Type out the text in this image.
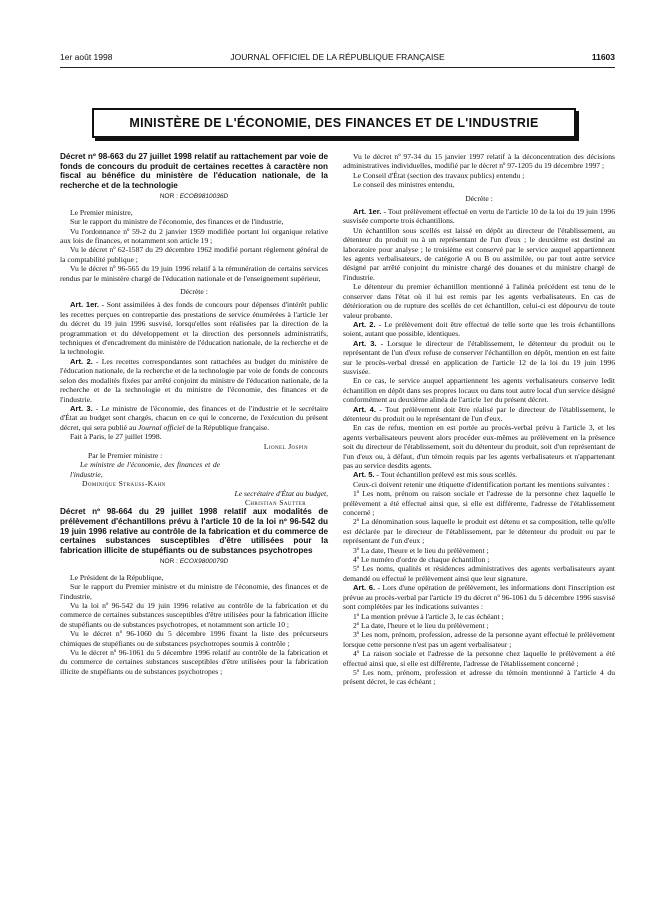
1er août 1998	JOURNAL OFFICIEL DE LA RÉPUBLIQUE FRANÇAISE	11603
MINISTÈRE DE L'ÉCONOMIE, DES FINANCES ET DE L'INDUSTRIE

Décret nº 98-663 du 27 juillet 1998 relatif au rattachement par voie de fonds de concours du produit de certaines recettes à caractère non fiscal au bénéfice du ministère de l'éducation nationale, de la recherche et de la technologie

NOR : ECOB9810036D

Le Premier ministre,

Sur le rapport du ministre de l'économie, des finances et de l'industrie,

Vu l'ordonnance nº 59-2 du 2 janvier 1959 modifiée portant loi organique relative aux lois de finances, et notamment son article 19 ;

Vu le décret nº 62-1587 du 29 décembre 1962 modifié portant règlement général de la comptabilité publique ;

Vu le décret nº 96-565 du 19 juin 1996 relatif à la rémunération de certains services rendus par le ministère chargé de l'éducation nationale et de l'enseignement supérieur,

Décrète :

Art. 1er. - Sont assimilées à des fonds de concours pour dépenses d'intérêt public les recettes perçues en contrepartie des prestations de service énumérées à l'article 1er du décret du 19 juin 1996 susvisé, lorsqu'elles sont réalisées par la direction de la programmation et du développement et la direction des personnels administratifs, techniques et d'encadrement du ministère de l'éducation nationale, de la recherche et de la technologie.

Art. 2. - Les recettes correspondantes sont rattachées au budget du ministère de l'éducation nationale, de la recherche et de la technologie par voie de fonds de concours selon des modalités fixées par arrêté conjoint du ministre de l'éducation nationale, de la recherche et de la technologie et du ministre de l'économie, des finances et de l'industrie.

Art. 3. - Le ministre de l'économie, des finances et de l'industrie et le secrétaire d'État au budget sont chargés, chacun en ce qui le concerne, de l'exécution du présent décret, qui sera publié au Journal officiel de la République française.

Fait à Paris, le 27 juillet 1998.

Lionel Jospin

Par le Premier ministre :

Le ministre de l'économie, des finances et de l'industrie,

Dominique Strauss-Kahn

Le secrétaire d'État au budget,

Christian Sautter

Décret nº 98-664 du 29 juillet 1998 relatif aux modalités de prélèvement d'échantillons prévu à l'article 10 de la loi nº 96-542 du 19 juin 1996 relative au contrôle de la fabrication et du commerce de certaines substances susceptibles d'être utilisées pour la fabrication illicite de stupéfiants ou de substances psychotropes

NOR : ECOX9800079D

Le Président de la République,

Sur le rapport du Premier ministre et du ministre de l'économie, des finances et de l'industrie,

Vu la loi nº 96-542 du 19 juin 1996 relative au contrôle de la fabrication et du commerce de certaines substances susceptibles d'être utilisées pour la fabrication illicite de stupéfiants ou de substances psychotropes, et notamment son article 10 ;

Vu le décret nº 96-1060 du 5 décembre 1996 fixant la liste des précurseurs chimiques de stupéfiants ou de substances psychotropes soumis à contrôle ;

Vu le décret nº 96-1061 du 5 décembre 1996 relatif au contrôle de la fabrication et du commerce de certaines substances susceptibles d'être utilisées pour la fabrication illicite de stupéfiants ou de substances psychotropes ;

Vu le décret nº 97-34 du 15 janvier 1997 relatif à la déconcentration des décisions administratives individuelles, modifié par le décret nº 97-1205 du 19 décembre 1997 ;

Le Conseil d'État (section des travaux publics) entendu ;

Le conseil des ministres entendu,

Décrète :

Art. 1er. - Tout prélèvement effectué en vertu de l'article 10 de la loi du 19 juin 1996 susvisée comporte trois échantillons.

Un échantillon sous scellés est laissé en dépôt au directeur de l'établissement, au détenteur du produit ou à un représentant de l'un d'eux ; le deuxième est destiné au laboratoire pour analyse ; le troisième est conservé par le service auquel appartiennent les agents verbalisateurs, de catégorie A ou B ou assimilée, ou par tout autre service désigné par arrêté conjoint du ministre chargé des douanes et du ministre chargé de l'industrie.

Le détenteur du premier échantillon mentionné à l'alinéa précédent est tenu de le conserver dans l'état où il lui est remis par les agents verbalisateurs. En cas de détérioration ou de rupture des scellés de cet échantillon, celui-ci est dépourvu de toute valeur probante.

Art. 2. - Le prélèvement doit être effectué de telle sorte que les trois échantillons soient, autant que possible, identiques.

Art. 3. - Lorsque le directeur de l'établissement, le détenteur du produit ou le représentant de l'un d'eux refuse de conserver l'échantillon en dépôt, mention en est faite sur le procès-verbal dressé en application de l'article 12 de la loi du 19 juin 1996 susvisée.

En ce cas, le service auquel appartiennent les agents verbalisateurs conserve ledit échantillon en dépôt dans ses propres locaux ou dans tout autre local d'un service désigné conformément au deuxième alinéa de l'article 1er du présent décret.

Art. 4. - Tout prélèvement doit être réalisé par le directeur de l'établissement, le détenteur du produit ou le représentant de l'un d'eux.

En cas de refus, mention en est portée au procès-verbal prévu à l'article 3, et les agents verbalisateurs peuvent alors procéder eux-mêmes au prélèvement en la présence soit du directeur de l'établissement, soit du détenteur du produit, soit d'un représentant de l'un d'eux ou, à défaut, d'un témoin requis par les agents verbalisateurs et n'appartenant pas au service desdits agents.

Art. 5. - Tout échantillon prélevé est mis sous scellés.

Ceux-ci doivent retenir une étiquette d'identification portant les mentions suivantes :

1º Les nom, prénom ou raison sociale et l'adresse de la personne chez laquelle le prélèvement a été effectué ainsi que, si elle est différente, l'adresse de l'établissement concerné ;

2º La dénomination sous laquelle le produit est détenu et sa composition, telle qu'elle est déclarée par le directeur de l'établissement, par le détenteur du produit ou par le représentant de l'un d'eux ;

3º La date, l'heure et le lieu du prélèvement ;

4º Le numéro d'ordre de chaque échantillon ;

5º Les noms, qualités et résidences administratives des agents verbalisateurs ayant demandé ou effectué le prélèvement ainsi que leur signature.

Art. 6. - Lors d'une opération de prélèvement, les informations dont l'inscription est prévue au procès-verbal par l'article 19 du décret nº 96-1061 du 5 décembre 1996 susvisé sont complétées par les indications suivantes :

1º La mention prévue à l'article 3, le cas échéant ;

2º La date, l'heure et le lieu du prélèvement ;

3º Les nom, prénom, profession, adresse de la personne ayant effectué le prélèvement lorsque cette personne n'est pas un agent verbalisateur ;

4º La raison sociale et l'adresse de la personne chez laquelle le prélèvement a été effectué ainsi que, si elle est différente, l'adresse de l'établissement concerné ;

5º Les nom, prénom, profession et adresse du témoin mentionné à l'article 4 du présent décret, le cas échéant ;
